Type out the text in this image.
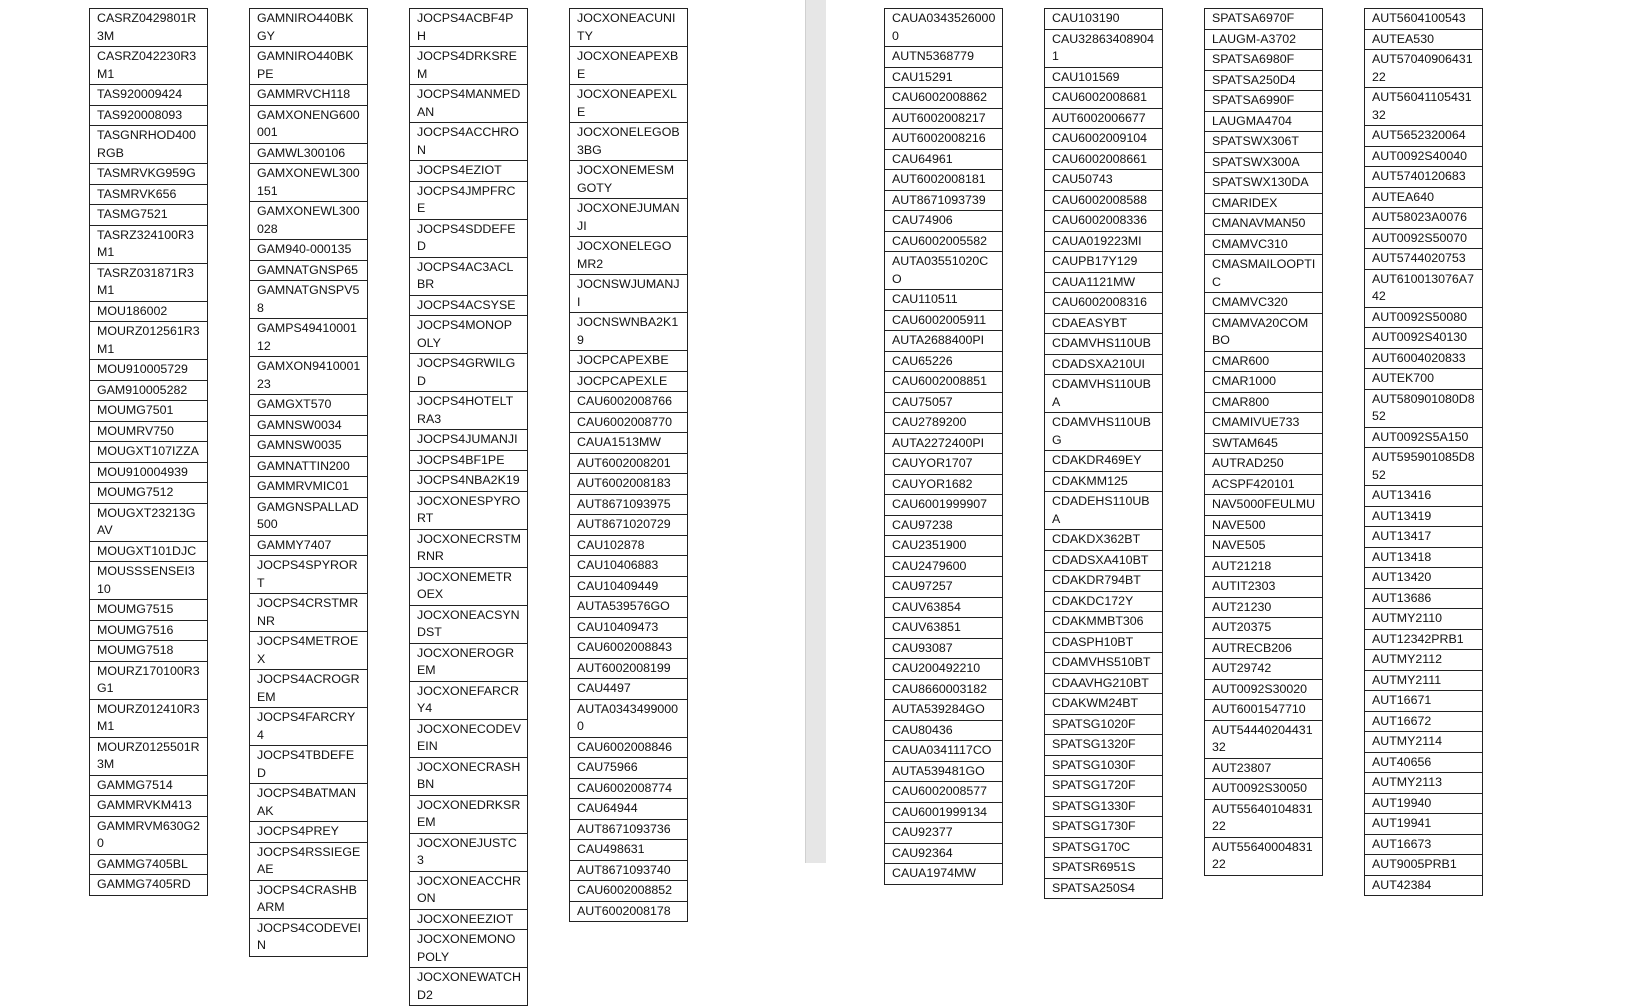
CASRZ0429801R3M
CASRZ042230R3M1
TAS920009424
TAS920008093
TASGNRHOD400RGB
TASMRVKG959G
TASMRVK656
TASMG7521
TASRZ324100R3M1
TASRZ031871R3M1
MOU186002
MOURZ012561R3M1
MOU910005729
GAM910005282
MOUMG7501
MOUMRV750
MOUGXT107IZZA
MOU910004939
MOUMG7512
MOUGXT23213GAV
MOUGXT101DJC
MOUSSSENSEI310
MOUMG7515
MOUMG7516
MOUMG7518
MOURZ170100R3G1
MOURZ012410R3M1
MOURZ0125501R3M
GAMMG7514
GAMMRVKM413
GAMMRVM630G20
GAMMG7405BL
GAMMG7405RD
GAMNIRO440BKGY
GAMNIRO440BKPE
GAMMRVCH118
GAMXONENG600001
GAMWL300106
GAMXONEWL300151
GAMXONEWL300028
GAM940-000135
GAMNATGNSP65
GAMNATGNSPV58
GAMPS4941000112
GAMXON941000123
GAMGXT570
GAMNSW0034
GAMNSW0035
GAMNATTIN200
GAMMRVMIC01
GAMGNSPALLAD500
GAMMY7407
JOCPS4SPYRORT
JOCPS4CRSTMRNR
JOCPS4METROEX
JOCPS4ACROGREM
JOCPS4FARCRY4
JOCPS4TBDEFED
JOCPS4BATMANAK
JOCPS4PREY
JOCPS4RSSIEGEAE
JOCPS4CRASHBARM
JOCPS4CODEVEIN
JOCPS4ACBF4PH
JOCPS4DRKSREM
JOCPS4MANMEDAN
JOCPS4ACCHRON
JOCPS4EZIOT
JOCPS4JMPFRCE
JOCPS4SDDEFED
JOCPS4AC3ACLBR
JOCPS4ACSYSE
JOCPS4MONOPOLY
JOCPS4GRWILGD
JOCPS4HOTELTRA3
JOCPS4JUMANJI
JOCPS4BF1PE
JOCPS4NBA2K19
JOCXONESPYRORT
JOCXONECRSTMRNR
JOCXONEMETROEX
JOCXONEACSYNDST
JOCXONEROGREM
JOCXONEFARCRY4
JOCXONECODEVEIN
JOCXONECRASHBN
JOCXONEDRKSREM
JOCXONEJUSTC3
JOCXONEACCHRON
JOCXONEEZIOT
JOCXONEMONOPOLY
JOCXONEWATCHD2
JOCXONEACUNITY
JOCXONEAPEXBE
JOCXONEAPEXLE
JOCXONELEGOB3BG
JOCXONEMESMGOTY
JOCXONEJUMANJI
JOCXONELEGOMR2
JOCNSWJUMANJI
JOCNSWNBA2K19
JOCPCAPEXBE
JOCPCAPEXLE
CAU6002008766
CAU6002008770
CAUA1513MW
AUT6002008201
AUT6002008183
AUT8671093975
AUT8671020729
CAU102878
CAU10406883
CAU10409449
AUTA539576GO
CAU10409473
CAU6002008843
AUT6002008199
CAU4497
AUTA03434990000
CAU6002008846
CAU75966
CAU6002008774
CAU64944
AUT8671093736
CAU498631
AUT8671093740
CAU6002008852
AUT6002008178
CAUA03435260000
AUTN5368779
CAU15291
CAU6002008862
AUT6002008217
AUT6002008216
CAU64961
AUT6002008181
AUT8671093739
CAU74906
CAU6002005582
AUTA03551020CO
CAU110511
CAU6002005911
AUTA2688400PI
CAU65226
CAU6002008851
CAU75057
CAU2789200
AUTA2272400PI
CAUYOR1707
CAUYOR1682
CAU6001999907
CAU97238
CAU2351900
CAU2479600
CAU97257
CAUV63854
CAUV63851
CAU93087
CAU200492210
CAU8660003182
AUTA539284GO
CAU80436
CAUA0341117CO
AUTA539481GO
CAU6002008577
CAU6001999134
CAU92377
CAU92364
CAUA1974MW
CAU103190
CAU328634089041
CAU101569
CAU6002008681
AUT6002006677
CAU6002009104
CAU6002008661
CAU50743
CAU6002008588
CAU6002008336
CAUA019223MI
CAUPB17Y129
CAUA1121MW
CAU6002008316
CDAEASYBT
CDAMVHS110UB
CDADSXA210UI
CDAMVHS110UBA
CDAMVHS110UBG
CDAKDR469EY
CDAKMM125
CDADEHS110UBA
CDAKDX362BT
CDADSXA410BT
CDAKDR794BT
CDAKDC172Y
CDAKMMBT306
CDASPH10BT
CDAMVHS510BT
CDAAVHG210BT
CDAKWM24BT
SPATSG1020F
SPATSG1320F
SPATSG1030F
SPATSG1720F
SPATSG1330F
SPATSG1730F
SPATSG170C
SPATSR6951S
SPATSA250S4
SPATSA6970F
LAUGM-A3702
SPATSA6980F
SPATSA250D4
SPATSA6990F
LAUGMA4704
SPATSWX306T
SPATSWX300A
SPATSWX130DA
CMARIDEX
CMANAVMAN50
CMAMVC310
CMASMAILOOPTIC
CMAMVC320
CMAMVA20COMBO
CMAR600
CMAR1000
CMAR800
CMAMIVUE733
SWTAM645
AUTRAD250
ACSPF420101
NAV5000FEULMU
NAVE500
NAVE505
AUT21218
AUTIT2303
AUT21230
AUT20375
AUTRECB206
AUT29742
AUT0092S30020
AUT6001547710
AUT5444020443132
AUT23807
AUT0092S30050
AUT5564010483122
AUT5564000483122
AUT5604100543
AUTEA530
AUT5704090643122
AUT5604110543132
AUT5652320064
AUT0092S40040
AUT5740120683
AUTEA640
AUT58023A0076
AUT0092S50070
AUT5744020753
AUT610013076A742
AUT0092S50080
AUT0092S40130
AUT6004020833
AUTEK700
AUT580901080D852
AUT0092S5A150
AUT595901085D852
AUT13416
AUT13419
AUT13417
AUT13418
AUT13420
AUT13686
AUTMY2110
AUT12342PRB1
AUTMY2112
AUTMY2111
AUT16671
AUT16672
AUTMY2114
AUT40656
AUTMY2113
AUT19940
AUT19941
AUT16673
AUT9005PRB1
AUT42384
